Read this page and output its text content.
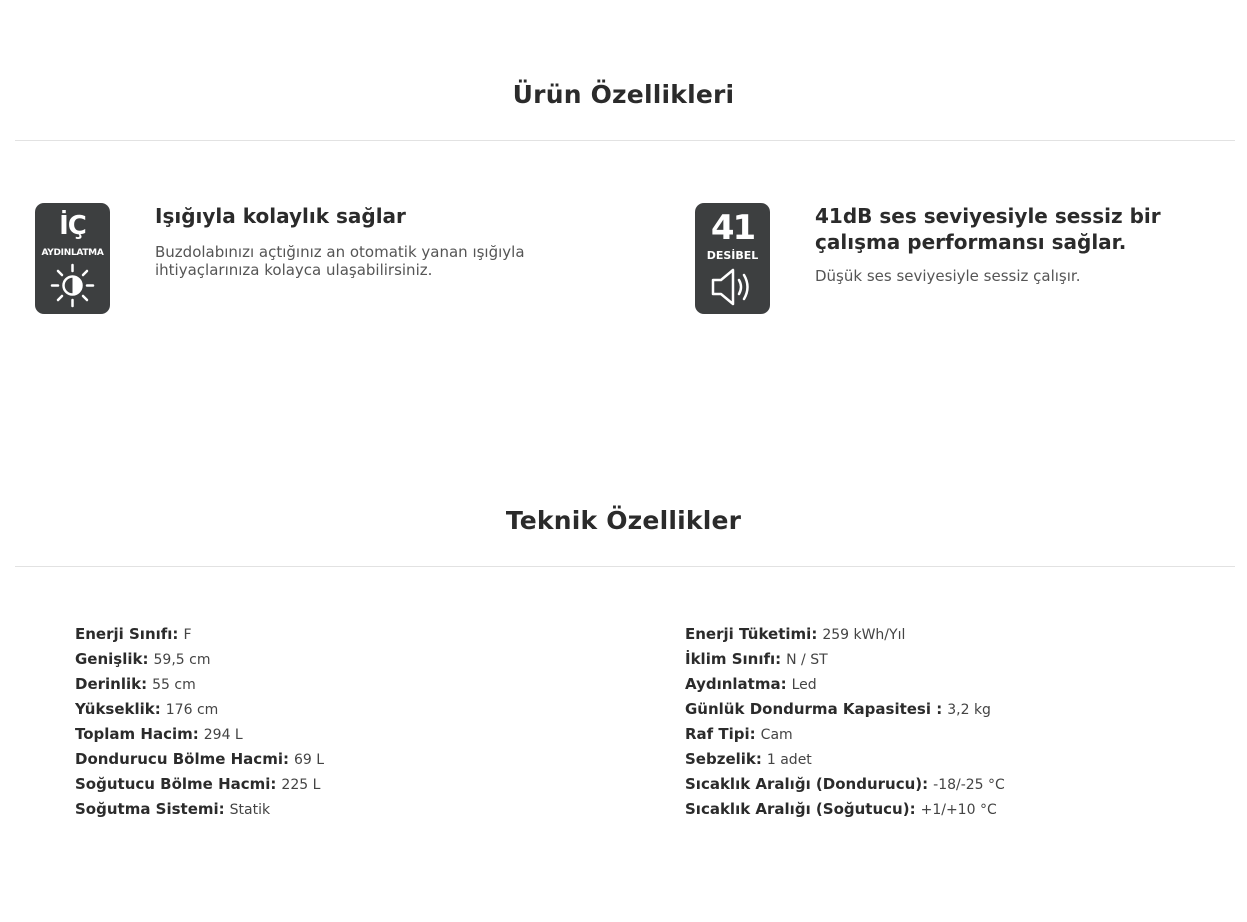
Ürün Özellikleri
İÇ
AYDINLATMA
Işığıyla kolaylık sağlar
Buzdolabınızı açtığınız an otomatik yanan ışığıyla ihtiyaçlarınıza kolayca ulaşabilirsiniz.
41
DESİBEL
41dB ses seviyesiyle sessiz bir çalışma performansı sağlar.
Düşük ses seviyesiyle sessiz çalışır.
Teknik Özellikler
Enerji Sınıfı: F
Genişlik: 59,5 cm
Derinlik: 55 cm
Yükseklik: 176 cm
Toplam Hacim: 294 L
Dondurucu Bölme Hacmi: 69 L
Soğutucu Bölme Hacmi: 225 L
Soğutma Sistemi: Statik
Enerji Tüketimi: 259 kWh/Yıl
İklim Sınıfı: N / ST
Aydınlatma: Led
Günlük Dondurma Kapasitesi : 3,2 kg
Raf Tipi: Cam
Sebzelik: 1 adet
Sıcaklık Aralığı (Dondurucu): -18/-25 °C
Sıcaklık Aralığı (Soğutucu): +1/+10 °C
